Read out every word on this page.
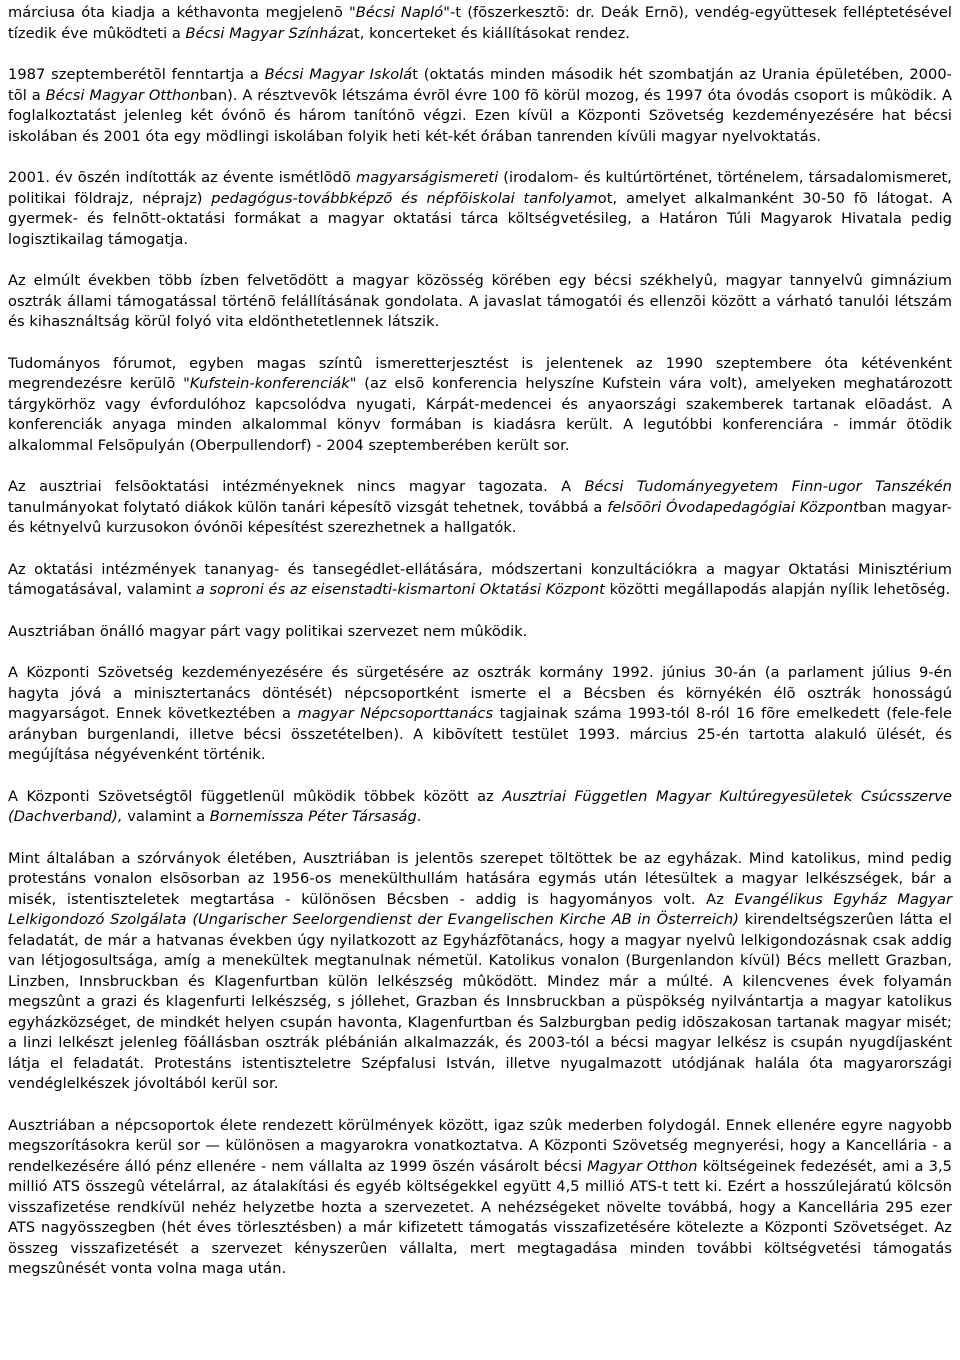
márciusa óta kiadja a kéthavonta megjelenõ "Bécsi Napló"-t (fõszerkesztõ: dr. Deák Ernõ), vendég-együttesek felléptetésével tízedik éve mûködteti a Bécsi Magyar Színházat, koncerteket és kiállításokat rendez.

1987 szeptemberétõl fenntartja a Bécsi Magyar Iskolát (oktatás minden második hét szombatján az Urania épületében, 2000-tõl a Bécsi Magyar Otthonban). A résztvevõk létszáma évrõl évre 100 fõ körül mozog, és 1997 óta óvodás csoport is mûködik. A foglalkoztatást jelenleg két óvónõ és három tanítónõ végzi. Ezen kívül a Központi Szövetség kezdeményezésére hat bécsi iskolában és 2001 óta egy mödlingi iskolában folyik heti két-két órában tanrenden kívüli magyar nyelvoktatás.

2001. év õszén indították az évente ismétlõdõ magyarságismereti (irodalom- és kultúrtörténet, történelem, társadalomismeret, politikai földrajz, néprajz) pedagógus-továbbképzõ és népfõiskolai tanfolyamot, amelyet alkalmanként 30-50 fõ látogat. A gyermek- és felnõtt-oktatási formákat a magyar oktatási tárca költségvetésileg, a Határon Túli Magyarok Hivatala pedig logisztikailag támogatja.

Az elmúlt években több ízben felvetõdött a magyar közösség körében egy bécsi székhelyû, magyar tannyelvû gimnázium osztrák állami támogatással történõ felállításának gondolata. A javaslat támogatói és ellenzõi között a várható tanulói létszám és kihasználtság körül folyó vita eldönthetetlennek látszik.

Tudományos fórumot, egyben magas színtû ismeretterjesztést is jelentenek az 1990 szeptembere óta kétévenként megrendezésre kerülõ "Kufstein-konferenciák" (az elsõ konferencia helyszíne Kufstein vára volt), amelyeken meghatározott tárgykörhöz vagy évfordulóhoz kapcsolódva nyugati, Kárpát-medencei és anyaországi szakemberek tartanak elõadást. A konferenciák anyaga minden alkalommal könyv formában is kiadásra került. A legutóbbi konferenciára - immár ötödik alkalommal Felsõpulyán (Oberpullendorf) - 2004 szeptemberében került sor.

Az ausztriai felsõoktatási intézményeknek nincs magyar tagozata. A Bécsi Tudományegyetem Finn-ugor Tanszékén tanulmányokat folytató diákok külön tanári képesítõ vizsgát tehetnek, továbbá a felsõõri Óvodapedagógiai Központban magyar- és kétnyelvû kurzusokon óvónõi képesítést szerezhetnek a hallgatók.

Az oktatási intézmények tananyag- és tansegédlet-ellátására, módszertani konzultációkra a magyar Oktatási Minisztérium támogatásával, valamint a soproni és az eisenstadti-kismartoni Oktatási Központ közötti megállapodás alapján nyílik lehetõség.

Ausztriában önálló magyar párt vagy politikai szervezet nem mûködik.

A Központi Szövetség kezdeményezésére és sürgetésére az osztrák kormány 1992. június 30-án (a parlament július 9-én hagyta jóvá a minisztertanács döntését) népcsoportként ismerte el a Bécsben és környékén élõ osztrák honosságú magyarságot. Ennek következtében a magyar Népcsoporttanács tagjainak száma 1993-tól 8-ról 16 fõre emelkedett (fele-fele arányban burgenlandi, illetve bécsi összetételben). A kibõvített testület 1993. március 25-én tartotta alakuló ülését, és megújítása négyévenként történik.

A Központi Szövetségtõl függetlenül mûködik többek között az Ausztriai Független Magyar Kultúregyesületek Csúcsszerve (Dachverband), valamint a Bornemissza Péter Társaság.

Mint általában a szórványok életében, Ausztriában is jelentõs szerepet töltöttek be az egyházak. Mind katolikus, mind pedig protestáns vonalon elsõsorban az 1956-os menekülthullám hatására egymás után létesültek a magyar lelkészségek, bár a misék, istentiszteletek megtartása - különösen Bécsben - addig is hagyományos volt. Az Evangélikus Egyház Magyar Lelkigondozó Szolgálata (Ungarischer Seelorgendienst der Evangelischen Kirche AB in Österreich) kirendeltségszerûen látta el feladatát, de már a hatvanas években úgy nyilatkozott az Egyházfõtanács, hogy a magyar nyelvû lelkigondozásnak csak addig van létjogosultsága, amíg a menekültek megtanulnak németül. Katolikus vonalon (Burgenlandon kívül) Bécs mellett Grazban, Linzben, Innsbruckban és Klagenfurtban külön lelkészség mûködött. Mindez már a múlté. A kilencvenes évek folyamán megszûnt a grazi és klagenfurti lelkészség, s jóllehet, Grazban és Innsbruckban a püspökség nyilvántartja a magyar katolikus egyházközséget, de mindkét helyen csupán havonta, Klagenfurtban és Salzburgban pedig idõszakosan tartanak magyar misét; a linzi lelkészt jelenleg fõállásban osztrák plébánián alkalmazzák, és 2003-tól a bécsi magyar lelkész is csupán nyugdíjasként látja el feladatát. Protestáns istentiszteletre Szépfalusi István, illetve nyugalmazott utódjának halála óta magyarországi vendéglelkészek jóvoltából kerül sor.

Ausztriában a népcsoportok élete rendezett körülmények között, igaz szûk mederben folydogál. Ennek ellenére egyre nagyobb megszorításokra kerül sor — különösen a magyarokra vonatkoztatva. A Központi Szövetség megnyerési, hogy a Kancellária - a rendelkezésére álló pénz ellenére - nem vállalta az 1999 õszén vásárolt bécsi Magyar Otthon költségeinek fedezését, ami a 3,5 millió ATS összegû vételárral, az átalakítási és egyéb költségekkel együtt 4,5 millió ATS-t tett ki. Ezért a hosszúlejáratú kölcsön visszafizetése rendkívül nehéz helyzetbe hozta a szervezetet. A nehézségeket növelte továbbá, hogy a Kancellária 295 ezer ATS nagyösszegben (hét éves törlesztésben) a már kifizetett támogatás visszafizetésére kötelezte a Központi Szövetséget. Az összeg visszafizetését a szervezet kényszerûen vállalta, mert megtagadása minden további költségvetési támogatás megszûnését vonta volna maga után.
